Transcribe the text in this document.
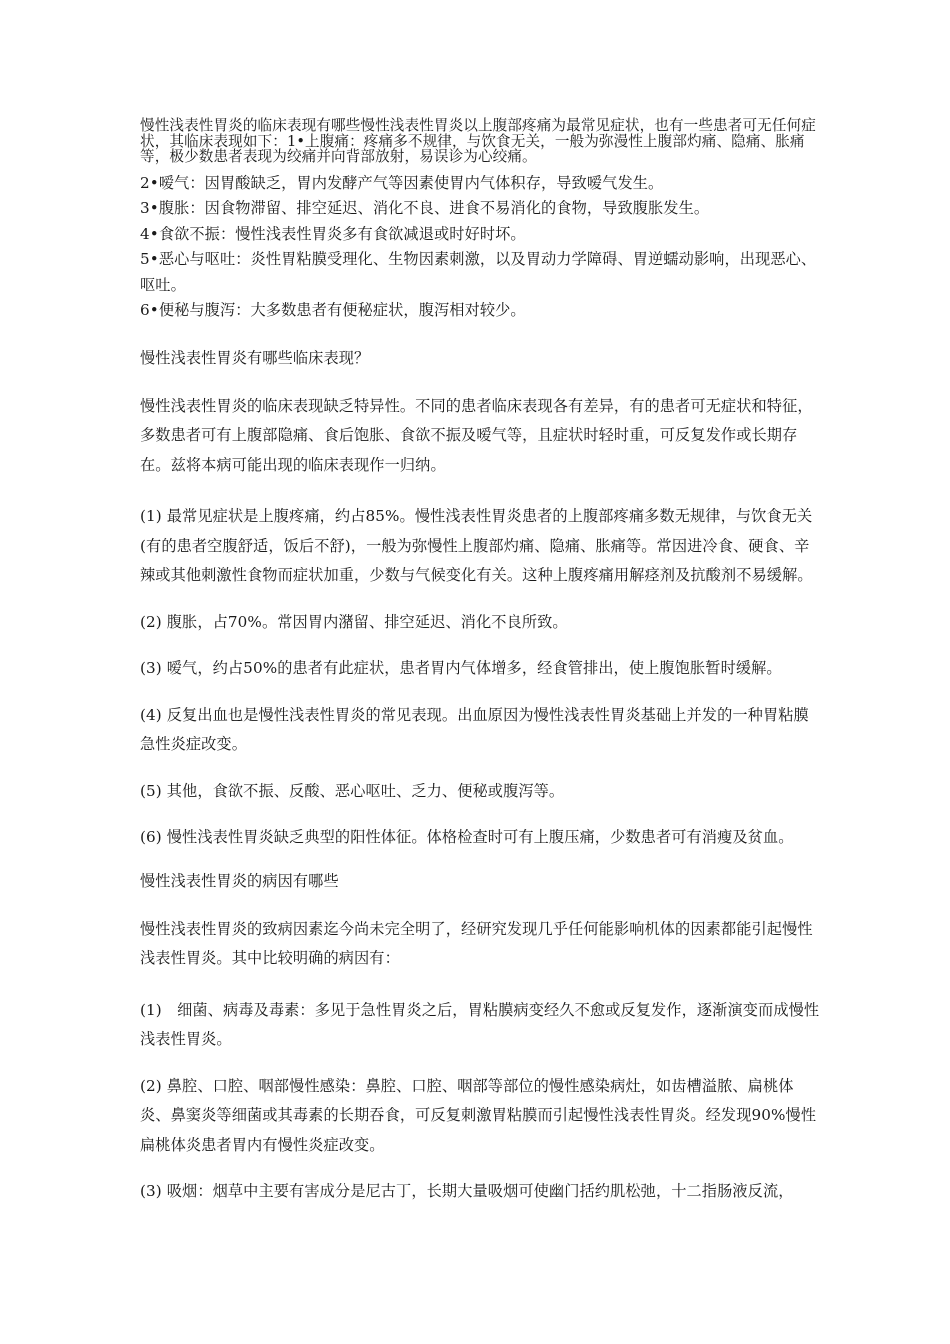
慢性浅表性胃炎的临床表现有哪些慢性浅表性胃炎以上腹部疼痛为最常见症状，也有一些患者可无任何症状，其临床表现如下：1•上腹痛：疼痛多不规律，与饮食无关，一般为弥漫性上腹部灼痛、隐痛、胀痛等，极少数患者表现为绞痛并向背部放射，易误诊为心绞痛。

2•嗳气：因胃酸缺乏，胃内发酵产气等因素使胃内气体积存，导致嗳气发生。

3•腹胀：因食物滞留、排空延迟、消化不良、进食不易消化的食物，导致腹胀发生。

4•食欲不振：慢性浅表性胃炎多有食欲减退或时好时坏。

5•恶心与呕吐：炎性胃粘膜受理化、生物因素刺激，以及胃动力学障碍、胃逆蠕动影响，出现恶心、呕吐。

6•便秘与腹泻：大多数患者有便秘症状，腹泻相对较少。

慢性浅表性胃炎有哪些临床表现？

慢性浅表性胃炎的临床表现缺乏特异性。不同的患者临床表现各有差异，有的患者可无症状和特征，多数患者可有上腹部隐痛、食后饱胀、食欲不振及嗳气等，且症状时轻时重，可反复发作或长期存在。兹将本病可能出现的临床表现作一归纳。

(1) 最常见症状是上腹疼痛，约占85%。慢性浅表性胃炎患者的上腹部疼痛多数无规律，与饮食无关(有的患者空腹舒适，饭后不舒)，一般为弥慢性上腹部灼痛、隐痛、胀痛等。常因进冷食、硬食、辛辣或其他刺激性食物而症状加重，少数与气候变化有关。这种上腹疼痛用解痉剂及抗酸剂不易缓解。

(2) 腹胀，占70%。常因胃内潴留、排空延迟、消化不良所致。

(3) 嗳气，约占50%的患者有此症状，患者胃内气体增多，经食管排出，使上腹饱胀暂时缓解。

(4) 反复出血也是慢性浅表性胃炎的常见表现。出血原因为慢性浅表性胃炎基础上并发的一种胃粘膜急性炎症改变。

(5) 其他，食欲不振、反酸、恶心呕吐、乏力、便秘或腹泻等。

(6) 慢性浅表性胃炎缺乏典型的阳性体征。体格检查时可有上腹压痛，少数患者可有消瘦及贫血。

慢性浅表性胃炎的病因有哪些

慢性浅表性胃炎的致病因素迄今尚未完全明了，经研究发现几乎任何能影响机体的因素都能引起慢性浅表性胃炎。其中比较明确的病因有：

(1)　细菌、病毒及毒素：多见于急性胃炎之后，胃粘膜病变经久不愈或反复发作，逐渐演变而成慢性浅表性胃炎。

(2) 鼻腔、口腔、咽部慢性感染：鼻腔、口腔、咽部等部位的慢性感染病灶，如齿槽溢脓、扁桃体炎、鼻窦炎等细菌或其毒素的长期吞食，可反复刺激胃粘膜而引起慢性浅表性胃炎。经发现90%慢性扁桃体炎患者胃内有慢性炎症改变。

(3) 吸烟：烟草中主要有害成分是尼古丁，长期大量吸烟可使幽门括约肌松弛，十二指肠液反流，
